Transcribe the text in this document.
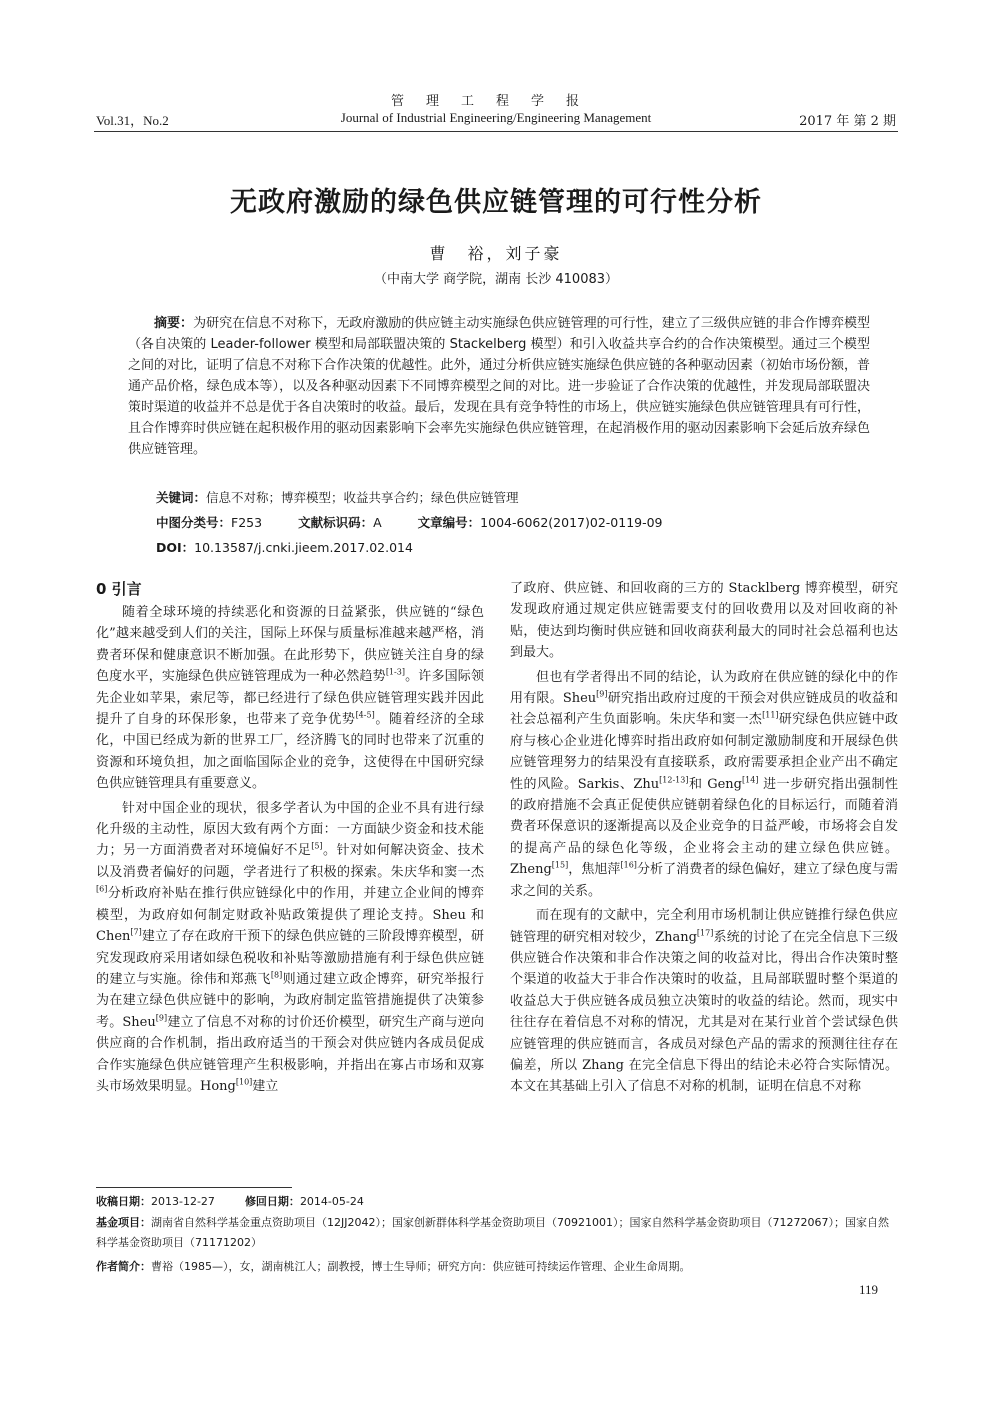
管理工程学报
Vol.31，No.2	Journal of Industrial Engineering/Engineering Management	2017 年 第 2 期
无政府激励的绿色供应链管理的可行性分析
曹　裕，刘子豪
（中南大学 商学院，湖南 长沙 410083）
摘要：为研究在信息不对称下，无政府激励的供应链主动实施绿色供应链管理的可行性，建立了三级供应链的非合作博弈模型（各自决策的 Leader-follower 模型和局部联盟决策的 Stackelberg 模型）和引入收益共享合约的合作决策模型。通过三个模型之间的对比，证明了信息不对称下合作决策的优越性。此外，通过分析供应链实施绿色供应链的各种驱动因素（初始市场份额，普通产品价格，绿色成本等），以及各种驱动因素下不同博弈模型之间的对比。进一步验证了合作决策的优越性，并发现局部联盟决策时渠道的收益并不总是优于各自决策时的收益。最后，发现在具有竞争特性的市场上，供应链实施绿色供应链管理具有可行性，且合作博弈时供应链在起积极作用的驱动因素影响下会率先实施绿色供应链管理，在起消极作用的驱动因素影响下会延后放弃绿色供应链管理。
关键词：信息不对称；博弈模型；收益共享合约；绿色供应链管理
中图分类号：F253	文献标识码：A	文章编号：1004-6062(2017)02-0119-09
DOI：10.13587/j.cnki.jieem.2017.02.014
0 引言

随着全球环境的持续恶化和资源的日益紧张，供应链的“绿色化”越来越受到人们的关注，国际上环保与质量标准越来越严格，消费者环保和健康意识不断加强。在此形势下，供应链关注自身的绿色度水平，实施绿色供应链管理成为一种必然趋势[1-3]。许多国际领先企业如苹果，索尼等，都已经进行了绿色供应链管理实践并因此提升了自身的环保形象，也带来了竞争优势[4-5]。随着经济的全球化，中国已经成为新的世界工厂，经济腾飞的同时也带来了沉重的资源和环境负担，加之面临国际企业的竞争，这使得在中国研究绿色供应链管理具有重要意义。

针对中国企业的现状，很多学者认为中国的企业不具有进行绿化升级的主动性，原因大致有两个方面：一方面缺少资金和技术能力；另一方面消费者对环境偏好不足[5]。针对如何解决资金、技术以及消费者偏好的问题，学者进行了积极的探索。朱庆华和窦一杰[6]分析政府补贴在推行供应链绿化中的作用，并建立企业间的博弈模型，为政府如何制定财政补贴政策提供了理论支持。Sheu 和 Chen[7]建立了存在政府干预下的绿色供应链的三阶段博弈模型，研究发现政府采用诸如绿色税收和补贴等激励措施有利于绿色供应链的建立与实施。徐伟和郑燕飞[8]则通过建立政企博弈，研究举报行为在建立绿色供应链中的影响，为政府制定监管措施提供了决策参考。Sheu[9]建立了信息不对称的讨价还价模型，研究生产商与逆向供应商的合作机制，指出政府适当的干预会对供应链内各成员促成合作实施绿色供应链管理产生积极影响，并指出在寡占市场和双寡头市场效果明显。Hong[10]建立

了政府、供应链、和回收商的三方的 Stacklberg 博弈模型，研究发现政府通过规定供应链需要支付的回收费用以及对回收商的补贴，使达到均衡时供应链和回收商获利最大的同时社会总福利也达到最大。

但也有学者得出不同的结论，认为政府在供应链的绿化中的作用有限。Sheu[9]研究指出政府过度的干预会对供应链成员的收益和社会总福利产生负面影响。朱庆华和窦一杰[11]研究绿色供应链中政府与核心企业进化博弈时指出政府如何制定激励制度和开展绿色供应链管理努力的结果没有直接联系，政府需要承担企业产出不确定性的风险。Sarkis、Zhu[12-13]和 Geng[14] 进一步研究指出强制性的政府措施不会真正促使供应链朝着绿色化的目标运行，而随着消费者环保意识的逐渐提高以及企业竞争的日益严峻，市场将会自发的提高产品的绿色化等级，企业将会主动的建立绿色供应链。Zheng[15]，焦旭萍[16]分析了消费者的绿色偏好，建立了绿色度与需求之间的关系。

而在现有的文献中，完全利用市场机制让供应链推行绿色供应链管理的研究相对较少，Zhang[17]系统的讨论了在完全信息下三级供应链合作决策和非合作决策之间的收益对比，得出合作决策时整个渠道的收益大于非合作决策时的收益，且局部联盟时整个渠道的收益总大于供应链各成员独立决策时的收益的结论。然而，现实中往往存在着信息不对称的情况，尤其是对在某行业首个尝试绿色供应链管理的供应链而言，各成员对绿色产品的需求的预测往往存在偏差，所以 Zhang 在完全信息下得出的结论未必符合实际情况。本文在其基础上引入了信息不对称的机制，证明在信息不对称

收稿日期：2013-12-27	修回日期：2014-05-24
基金项目：湖南省自然科学基金重点资助项目（12JJ2042）；国家创新群体科学基金资助项目（70921001）；国家自然科学基金资助项目（71272067）；国家自然科学基金资助项目（71171202）
作者简介：曹裕（1985—），女，湖南桃江人；副教授，博士生导师；研究方向：供应链可持续运作管理、企业生命周期。
119
